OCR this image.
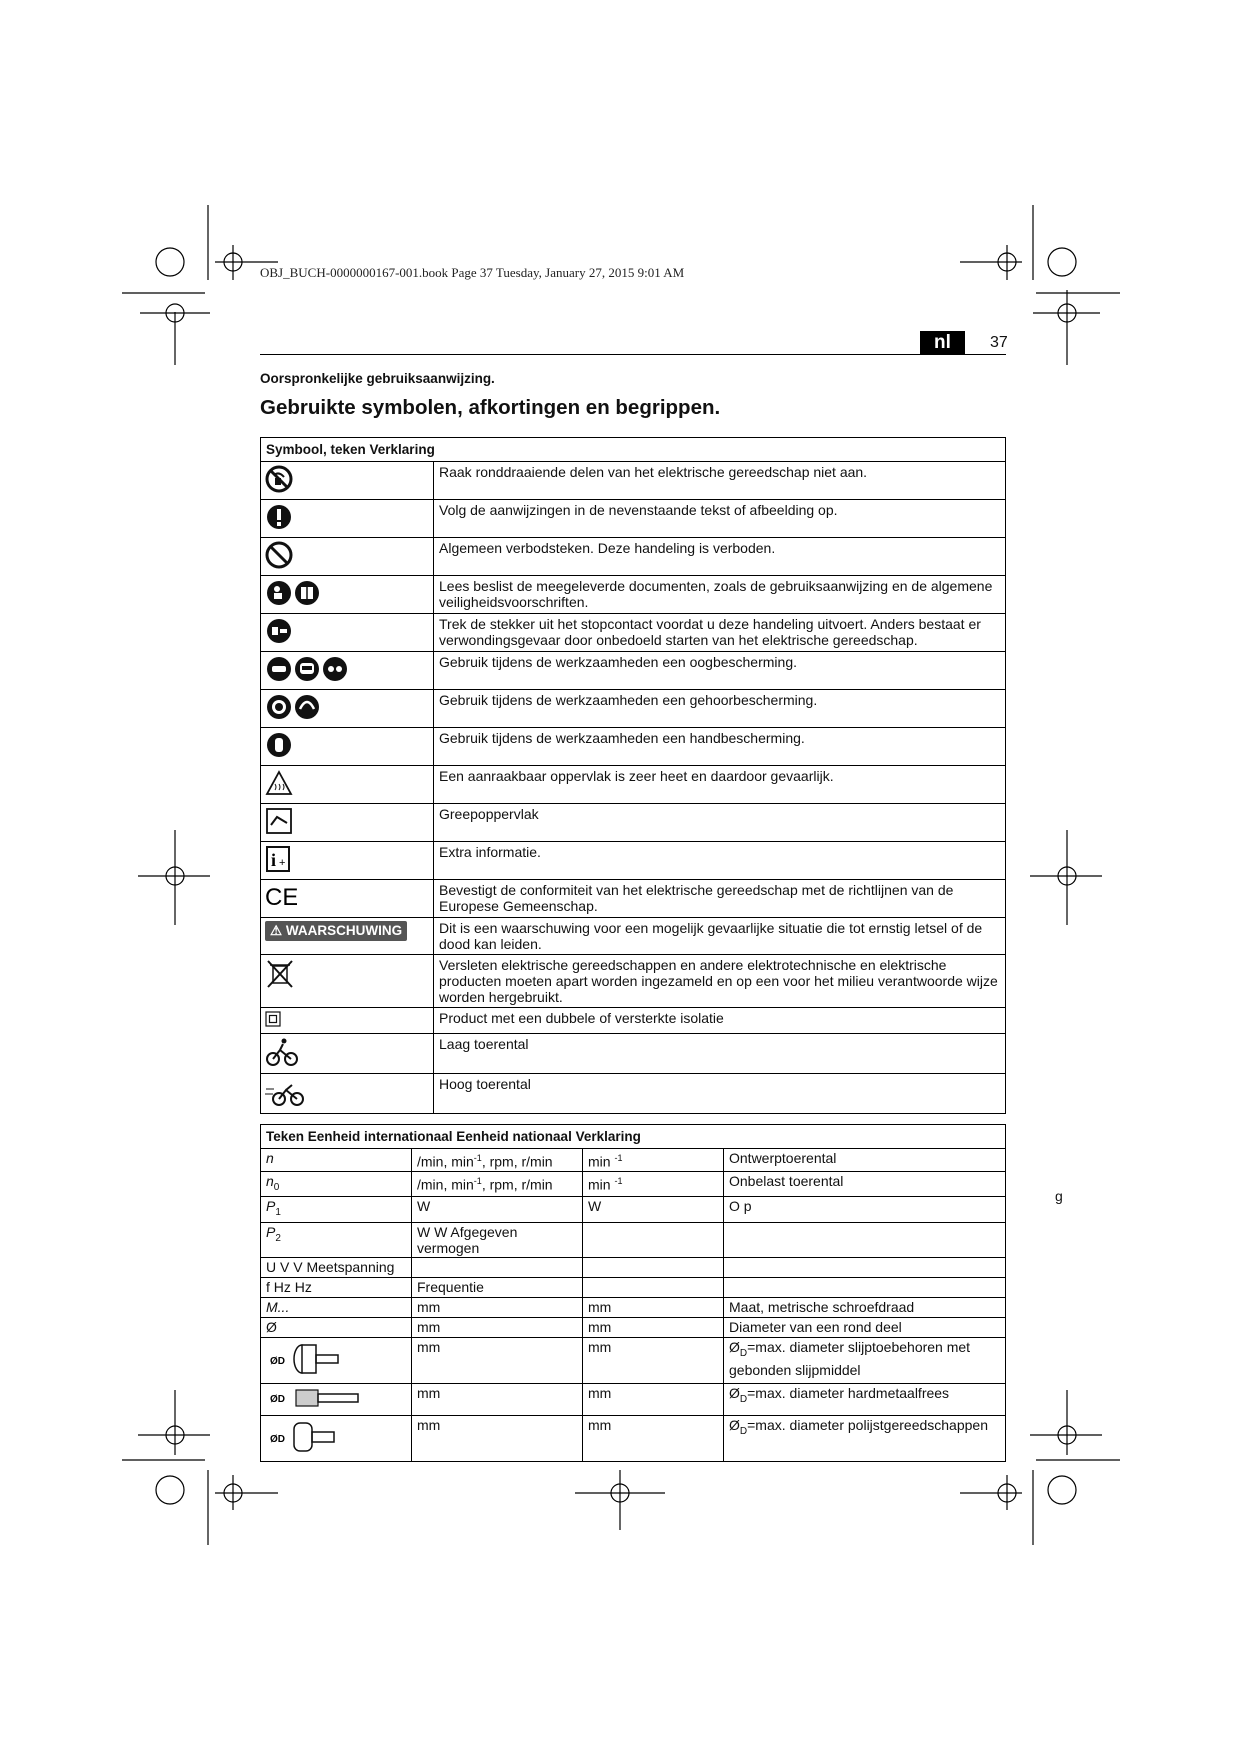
OBJ_BUCH-0000000167-001.book Page 37 Tuesday, January 27, 2015 9:01 AM
nl	37
Oorspronkelijke gebruiksaanwijzing.
Gebruikte symbolen, afkortingen en begrippen.
Symbool, teken Verklaring	
	Raak ronddraaiende delen van het elektrische gereedschap niet aan.
	Volg de aanwijzingen in de nevenstaande tekst of afbeelding op.
	Algemeen verbodsteken. Deze handeling is verboden.
	Lees beslist de meegeleverde documenten, zoals de gebruiksaanwijzing en de algemene veiligheidsvoorschriften.
	Trek de stekker uit het stopcontact voordat u deze handeling uitvoert. Anders bestaat er verwondingsgevaar door onbedoeld starten van het elektrische gereedschap.
	Gebruik tijdens de werkzaamheden een oogbescherming.
	Gebruik tijdens de werkzaamheden een gehoorbescherming.
	Gebruik tijdens de werkzaamheden een handbescherming.
	Een aanraakbaar oppervlak is zeer heet en daardoor gevaarlijk.
	Greepoppervlak

i +	Extra informatie.

CE	Bevestigt de conformiteit van het elektrische gereedschap met de richtlijnen van de Europese Gemeenschap.
⚠ WAARSCHUWING	Dit is een waarschuwing voor een mogelijk gevaarlijke situatie die tot ernstig letsel of de dood kan leiden.
	Versleten elektrische gereedschappen en andere elektrotechnische en elektrische producten moeten apart worden ingezameld en op een voor het milieu verantwoorde wijze worden hergebruikt.
	Product met een dubbele of versterkte isolatie
	Laag toerental
	Hoog toerental
Teken Eenheid internationaal Eenheid nationaal Verklaring			
n	/min, $\min^{-1}$, rpm, r/min	min $^{-1}$	Ontwerptoerental
$n_0$	/min, $\min^{-1}$, rpm, r/min	min $^{-1}$	Onbelast toerental
$P_1$	W	W	O p
$P_2$	W W Afgegeven vermogen		
U V V Meetspanning			
f Hz Hz	Frequentie		
M...	mm	mm	Maat, metrische schroefdraad
Ø	mm	mm	Diameter van een rond deel

ØD	mm	mm	$Ø_D=\max$. diameter slijptoebehoren met gebonden slijpmiddel

ØD	mm	mm	$Ø_D=\max$. diameter hardmetaalfrees

ØD	mm	mm	$Ø_D=\max$. diameter polijstgereedschappen
g
